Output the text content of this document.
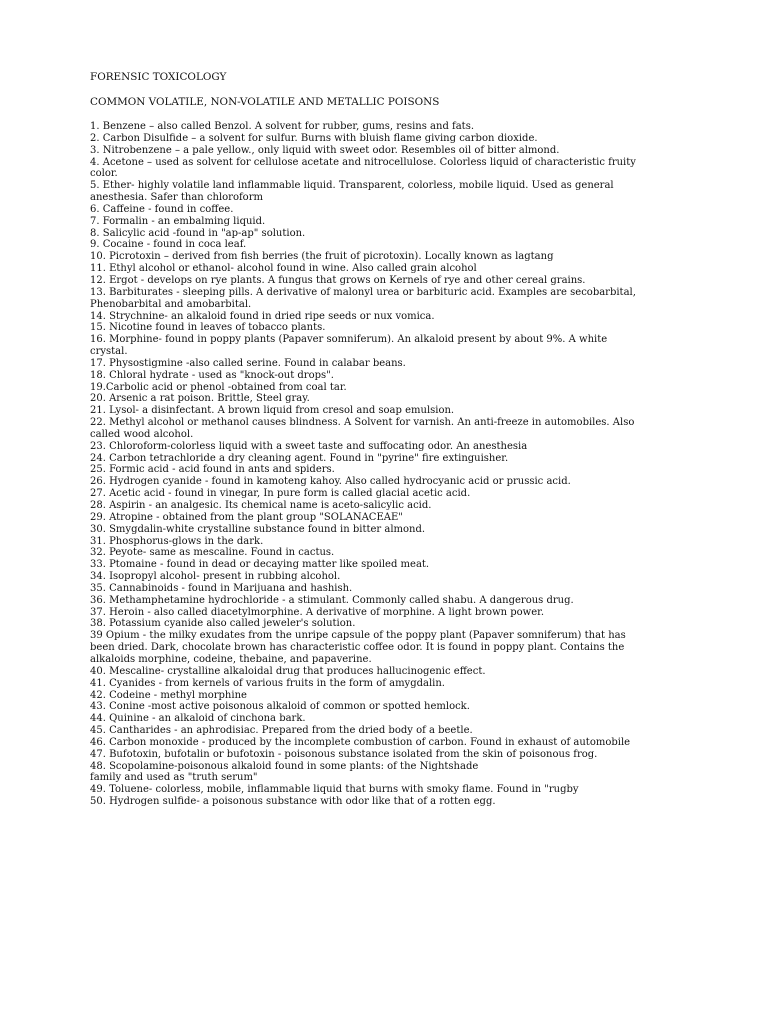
FORENSIC TOXICOLOGY

COMMON VOLATILE, NON-VOLATILE AND METALLIC POISONS

1. Benzene – also called Benzol. A solvent for rubber, gums, resins and fats.
2. Carbon Disulfide – a solvent for sulfur. Burns with bluish flame giving carbon dioxide.
3. Nitrobenzene – a pale yellow., only liquid with sweet odor. Resembles oil of bitter almond.
4. Acetone – used as solvent for cellulose acetate and nitrocellulose. Colorless liquid of characteristic fruity
color.
5. Ether- highly volatile land inflammable liquid. Transparent, colorless, mobile liquid. Used as general
anesthesia. Safer than chloroform
6. Caffeine - found in coffee.
7. Formalin - an embalming liquid.
8. Salicylic acid -found in "ap-ap" solution.
9. Cocaine - found in coca leaf.
10. Picrotoxin – derived from fish berries (the fruit of picrotoxin). Locally known as lagtang
11. Ethyl alcohol or ethanol- alcohol found in wine. Also called grain alcohol
12. Ergot - develops on rye plants. A fungus that grows on Kernels of rye and other cereal grains.
13. Barbiturates - sleeping pills. A derivative of malonyl urea or barbituric acid. Examples are secobarbital,
Phenobarbital and amobarbital.
14. Strychnine- an alkaloid found in dried ripe seeds or nux vomica.
15. Nicotine found in leaves of tobacco plants.
16. Morphine- found in poppy plants (Papaver somniferum). An alkaloid present by about 9%. A white
crystal.
17. Physostigmine -also called serine. Found in calabar beans.
18. Chloral hydrate - used as "knock-out drops".
19.Carbolic acid or phenol -obtained from coal tar.
20. Arsenic a rat poison. Brittle, Steel gray.
21. Lysol- a disinfectant. A brown liquid from cresol and soap emulsion.
22. Methyl alcohol or methanol causes blindness. A Solvent for varnish. An anti-freeze in automobiles. Also
called wood alcohol.
23. Chloroform-colorless liquid with a sweet taste and suffocating odor. An anesthesia
24. Carbon tetrachloride a dry cleaning agent. Found in "pyrine" fire extinguisher.
25. Formic acid - acid found in ants and spiders.
26. Hydrogen cyanide - found in kamoteng kahoy. Also called hydrocyanic acid or prussic acid.
27. Acetic acid - found in vinegar, In pure form is called glacial acetic acid.
28. Aspirin - an analgesic. Its chemical name is aceto-salicylic acid.
29. Atropine - obtained from the plant group "SOLANACEAE"
30. Smygdalin-white crystalline substance found in bitter almond.
31. Phosphorus-glows in the dark.
32. Peyote- same as mescaline. Found in cactus.
33. Ptomaine - found in dead or decaying matter like spoiled meat.
34. Isopropyl alcohol- present in rubbing alcohol.
35. Cannabinoids - found in Marijuana and hashish.
36. Methamphetamine hydrochloride - a stimulant. Commonly called shabu. A dangerous drug.
37. Heroin - also called diacetylmorphine. A derivative of morphine. A light brown power.
38. Potassium cyanide also called jeweler's solution.
39 Opium - the milky exudates from the unripe capsule of the poppy plant (Papaver somniferum) that has
been dried. Dark, chocolate brown has characteristic coffee odor. It is found in poppy plant. Contains the
alkaloids morphine, codeine, thebaine, and papaverine.
40. Mescaline- crystalline alkaloidal drug that produces hallucinogenic effect.
41. Cyanides - from kernels of various fruits in the form of amygdalin.
42. Codeine - methyl morphine
43. Conine -most active poisonous alkaloid of common or spotted hemlock.
44. Quinine - an alkaloid of cinchona bark.
45. Cantharides - an aphrodisiac. Prepared from the dried body of a beetle.
46. Carbon monoxide - produced by the incomplete combustion of carbon. Found in exhaust of automobile
47. Bufotoxin, bufotalin or bufotoxin - poisonous substance isolated from the skin of poisonous frog.
48. Scopolamine-poisonous alkaloid found in some plants: of the Nightshade
family and used as "truth serum"
49. Toluene- colorless, mobile, inflammable liquid that burns with smoky flame. Found in "rugby
50. Hydrogen sulfide- a poisonous substance with odor like that of a rotten egg.
